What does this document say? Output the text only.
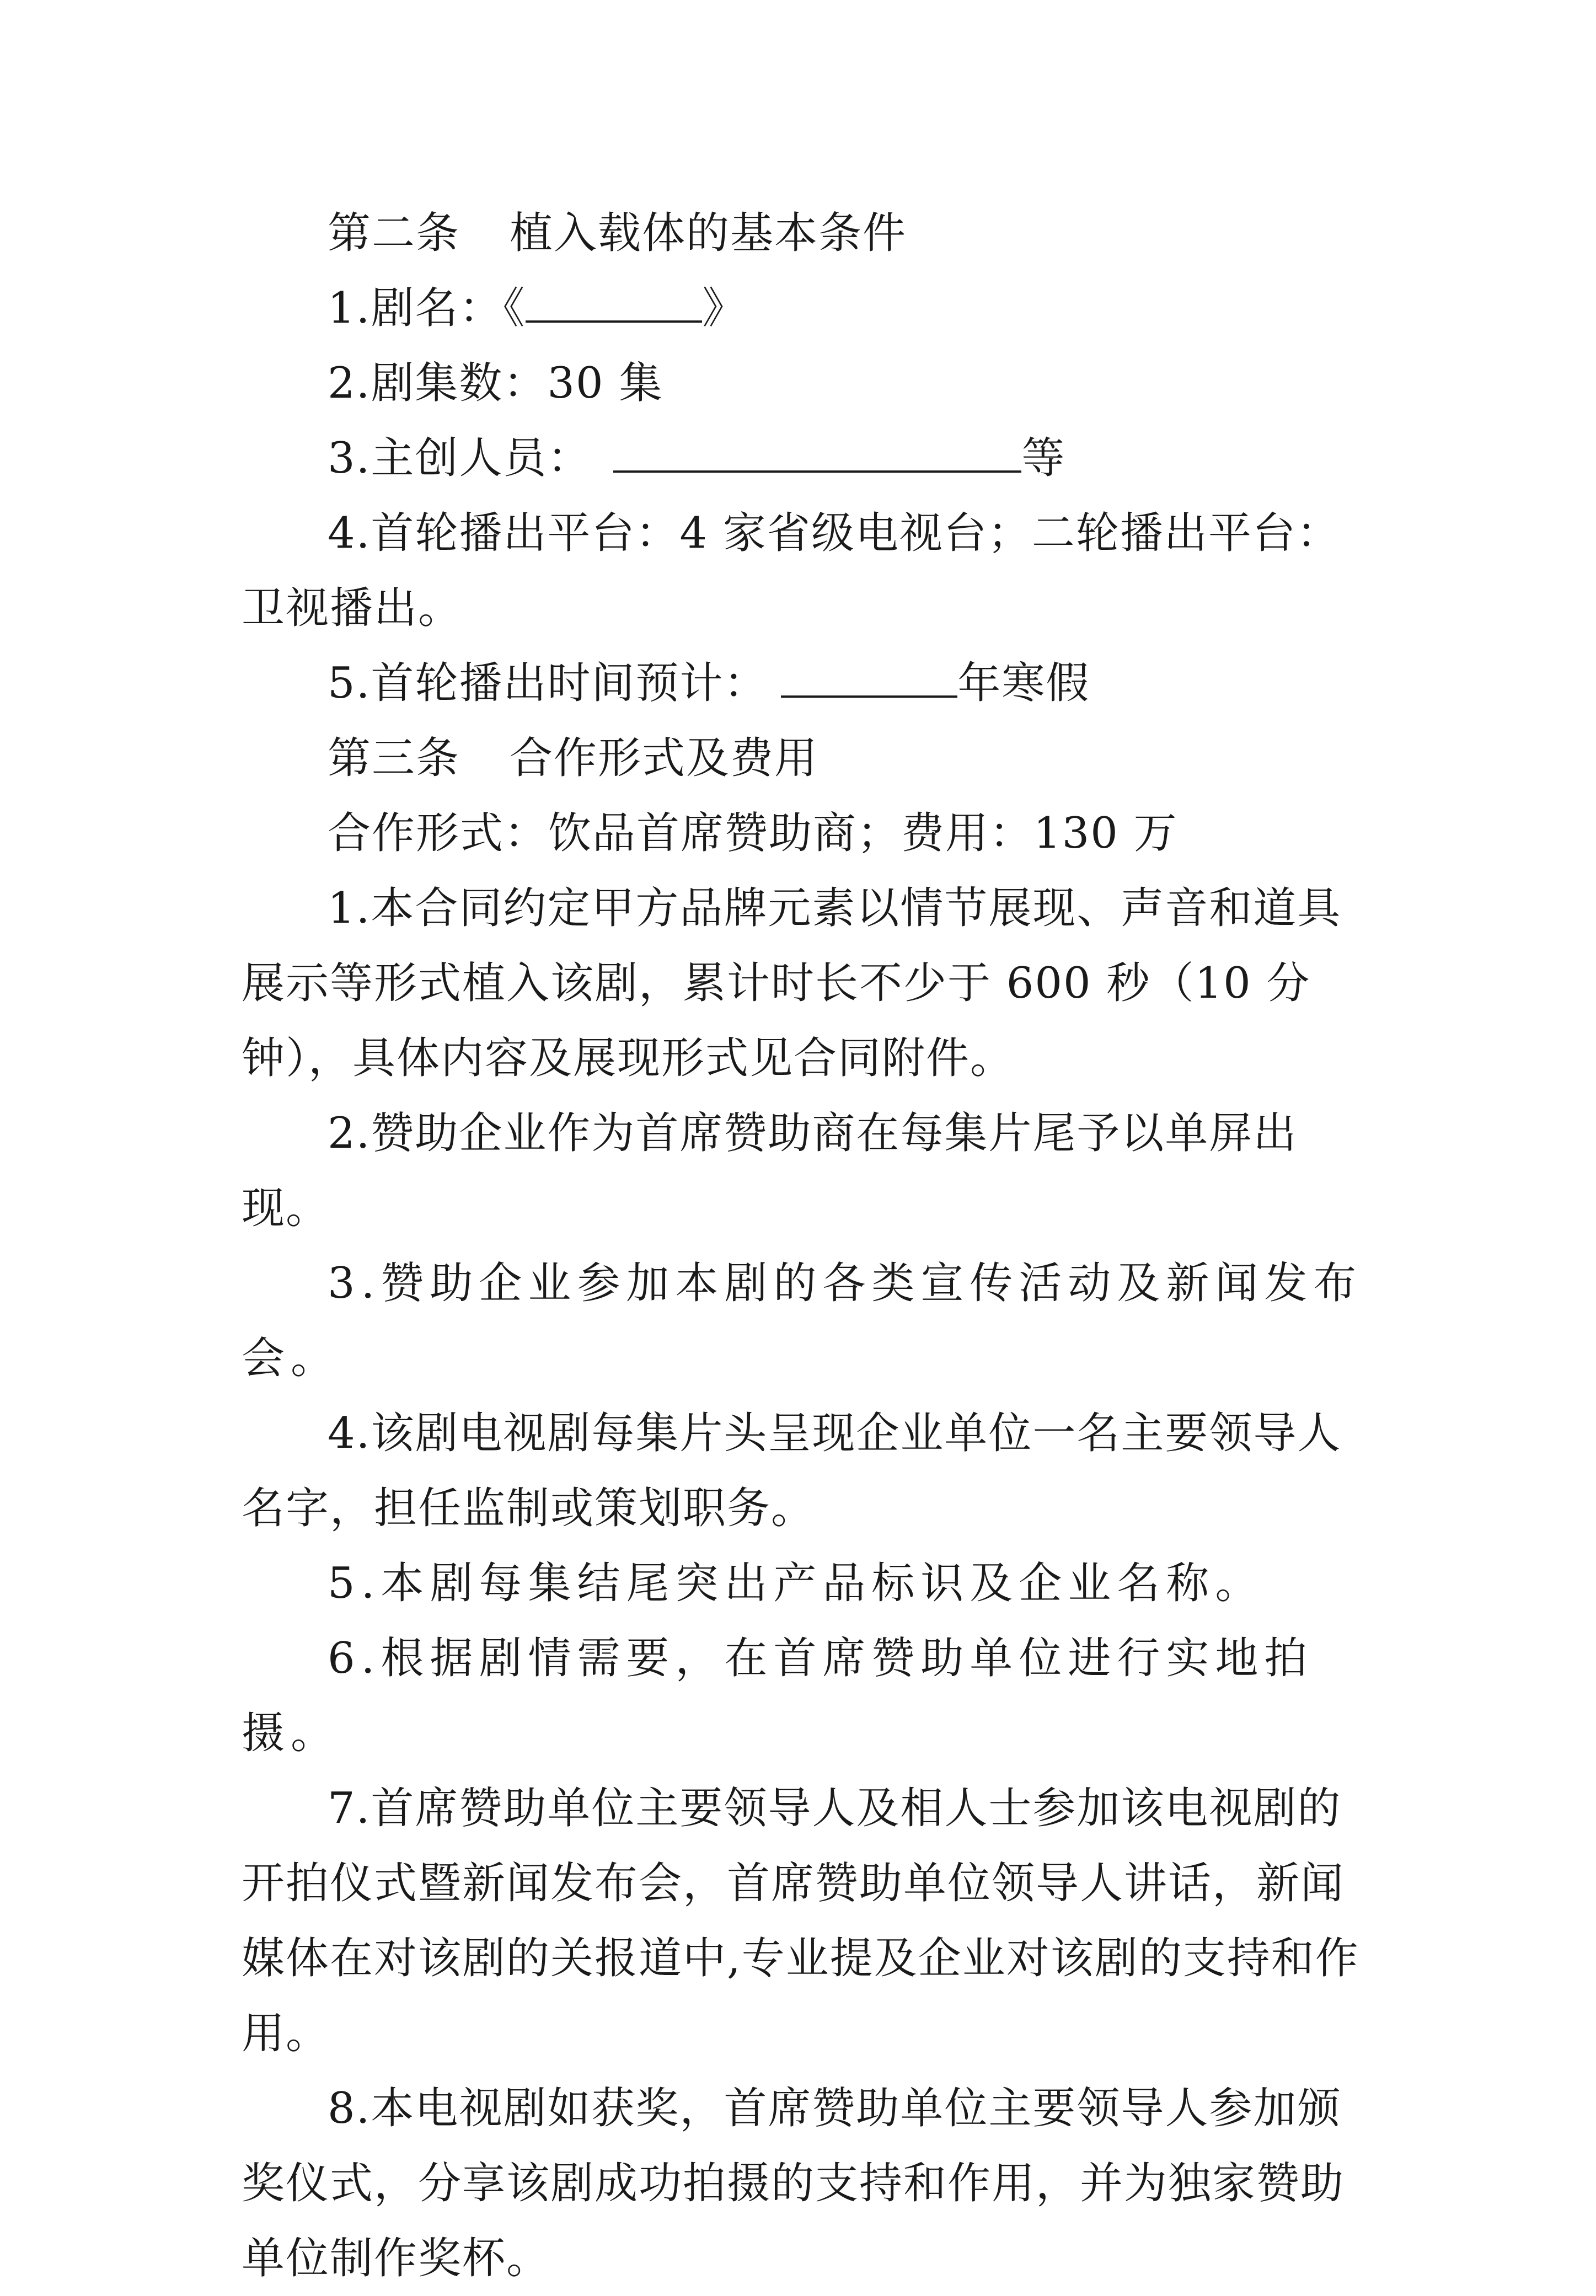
第二条 植入载体的基本条件

1.剧名：《	》

2.剧集数：30 集

3.主创人员：	等

4.首轮播出平台：4 家省级电视台；二轮播出平台：卫视播出。

5.首轮播出时间预计：	年寒假

第三条 合作形式及费用

合作形式：饮品首席赞助商；费用：130 万

1.本合同约定甲方品牌元素以情节展现、声音和道具展示等形式植入该剧，累计时长不少于 600 秒（10 分钟），具体内容及展现形式见合同附件。

2.赞助企业作为首席赞助商在每集片尾予以单屏出现。

3.赞助企业参加本剧的各类宣传活动及新闻发布会。

4.该剧电视剧每集片头呈现企业单位一名主要领导人名字，担任监制或策划职务。

5.本剧每集结尾突出产品标识及企业名称。

6.根据剧情需要，在首席赞助单位进行实地拍摄。

7.首席赞助单位主要领导人及相人士参加该电视剧的开拍仪式暨新闻发布会，首席赞助单位领导人讲话，新闻媒体在对该剧的关报道中,专业提及企业对该剧的支持和作用。

8.本电视剧如获奖，首席赞助单位主要领导人参加颁奖仪式，分享该剧成功拍摄的支持和作用，并为独家赞助单位制作奖杯。
